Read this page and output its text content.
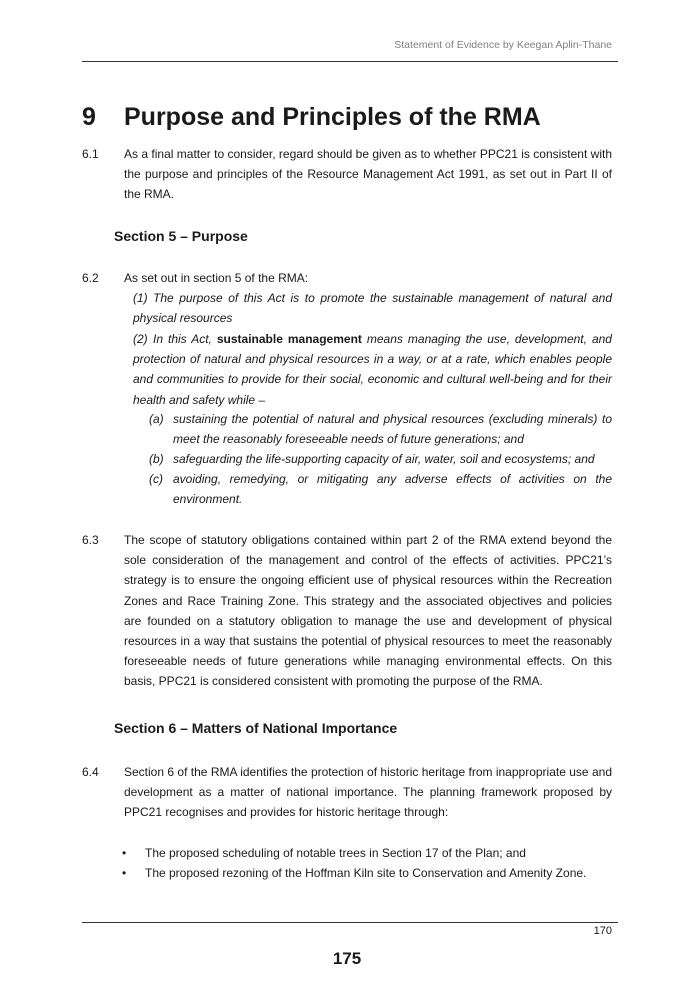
Statement of Evidence by Keegan Aplin-Thane
9 Purpose and Principles of the RMA
6.1 As a final matter to consider, regard should be given as to whether PPC21 is consistent with the purpose and principles of the Resource Management Act 1991, as set out in Part II of the RMA.
Section 5 – Purpose
6.2 As set out in section 5 of the RMA:
(1) The purpose of this Act is to promote the sustainable management of natural and physical resources
(2) In this Act, sustainable management means managing the use, development, and protection of natural and physical resources in a way, or at a rate, which enables people and communities to provide for their social, economic and cultural well-being and for their health and safety while –
(a) sustaining the potential of natural and physical resources (excluding minerals) to meet the reasonably foreseeable needs of future generations; and
(b) safeguarding the life-supporting capacity of air, water, soil and ecosystems; and
(c) avoiding, remedying, or mitigating any adverse effects of activities on the environment.
6.3 The scope of statutory obligations contained within part 2 of the RMA extend beyond the sole consideration of the management and control of the effects of activities. PPC21’s strategy is to ensure the ongoing efficient use of physical resources within the Recreation Zones and Race Training Zone. This strategy and the associated objectives and policies are founded on a statutory obligation to manage the use and development of physical resources in a way that sustains the potential of physical resources to meet the reasonably foreseeable needs of future generations while managing environmental effects. On this basis, PPC21 is considered consistent with promoting the purpose of the RMA.
Section 6 – Matters of National Importance
6.4 Section 6 of the RMA identifies the protection of historic heritage from inappropriate use and development as a matter of national importance. The planning framework proposed by PPC21 recognises and provides for historic heritage through:
• The proposed scheduling of notable trees in Section 17 of the Plan; and
• The proposed rezoning of the Hoffman Kiln site to Conservation and Amenity Zone.
170
175
